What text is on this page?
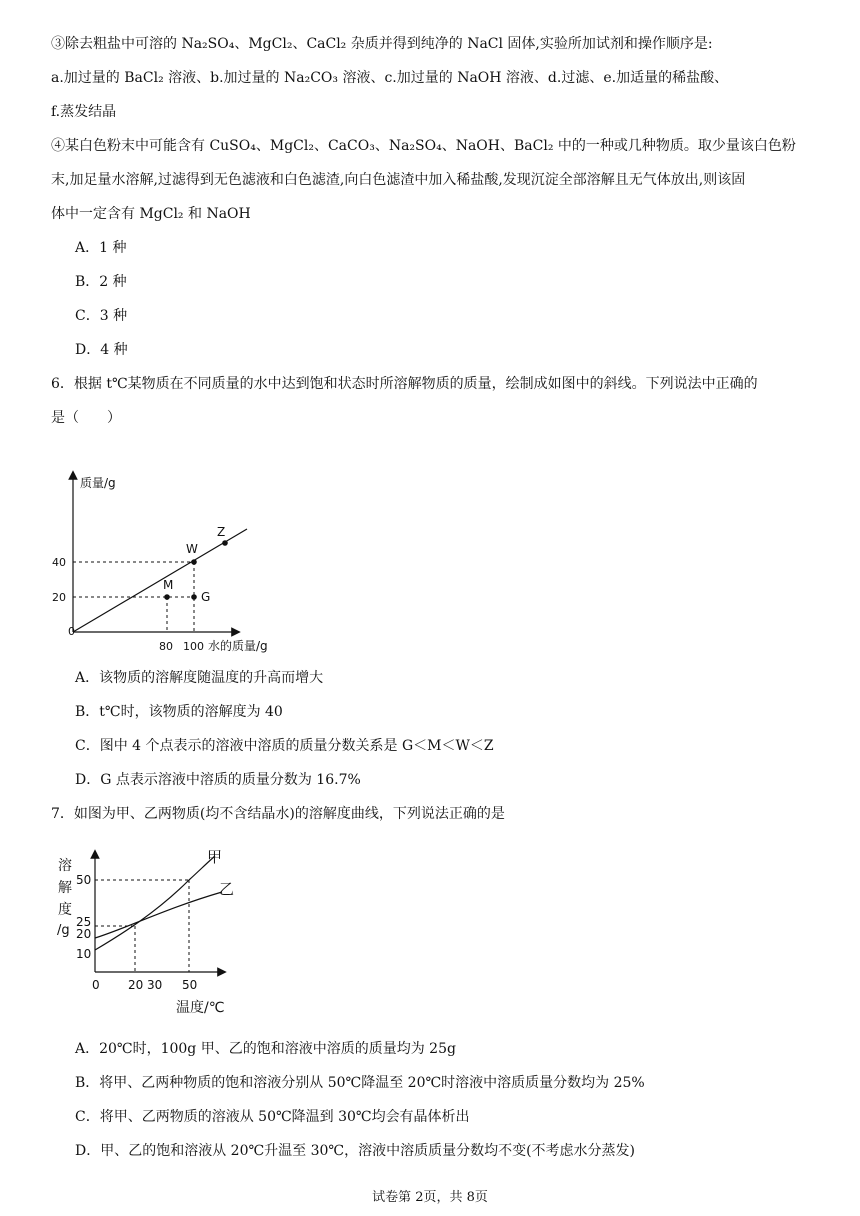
③除去粗盐中可溶的 Na₂SO₄、MgCl₂、CaCl₂ 杂质并得到纯净的 NaCl 固体,实验所加试剂和操作顺序是:
a.加过量的 BaCl₂ 溶液、b.加过量的 Na₂CO₃ 溶液、c.加过量的 NaOH 溶液、d.过滤、e.加适量的稀盐酸、
f.蒸发结晶
④某白色粉末中可能含有 CuSO₄、MgCl₂、CaCO₃、Na₂SO₄、NaOH、BaCl₂ 中的一种或几种物质。取少量该白色粉
末,加足量水溶解,过滤得到无色滤液和白色滤渣,向白色滤渣中加入稀盐酸,发现沉淀全部溶解且无气体放出,则该固
体中一定含有 MgCl₂ 和 NaOH
A．1 种
B．2 种
C．3 种
D．4 种
6．根据 t℃某物质在不同质量的水中达到饱和状态时所溶解物质的质量，绘制成如图中的斜线。下列说法中正确的
是（　　）
质量/g
水的质量/g
0
40
20
80 100
W
Z
M
G
A．该物质的溶解度随温度的升高而增大
B．t℃时，该物质的溶解度为 40
C．图中 4 个点表示的溶液中溶质的质量分数关系是 G＜M＜W＜Z
D．G 点表示溶液中溶质的质量分数为 16.7%
7．如图为甲、乙两物质(均不含结晶水)的溶解度曲线，下列说法正确的是
溶
解
度
/g
50
25
20
10
0 20 30 50
温度/℃
甲
乙
A．20℃时，100g 甲、乙的饱和溶液中溶质的质量均为 25g
B．将甲、乙两种物质的饱和溶液分别从 50℃降温至 20℃时溶液中溶质质量分数均为 25%
C．将甲、乙两物质的溶液从 50℃降温到 30℃均会有晶体析出
D．甲、乙的饱和溶液从 20℃升温至 30℃，溶液中溶质质量分数均不变(不考虑水分蒸发)
试卷第 2页，共 8页
